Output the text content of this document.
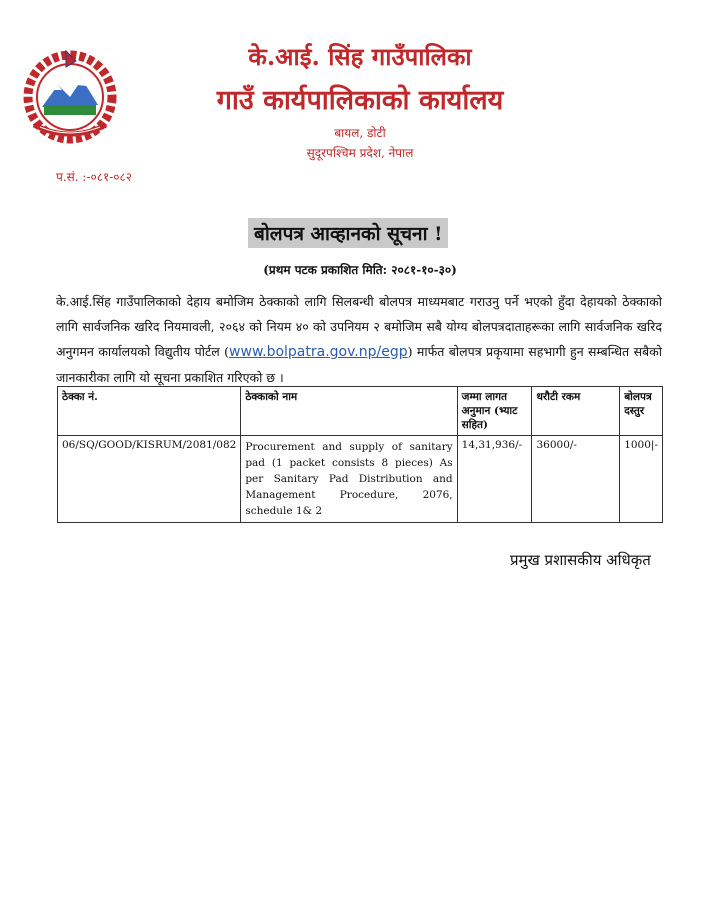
के.आई. सिंह गाउँपालिका
गाउँ कार्यपालिकाको कार्यालय
बायल, डोटी
सुदूरपश्चिम प्रदेश, नेपाल
प.सं. :-०८१-०८२
बोलपत्र आव्हानको सूचना !
(प्रथम पटक प्रकाशित मिति: २०८१-१०-३०)
के.आई.सिंह गाउँपालिकाको देहाय बमोजिम ठेक्काको लागि सिलबन्धी बोलपत्र माध्यमबाट गराउनु पर्ने भएको हुँदा देहायको ठेक्काको लागि सार्वजनिक खरिद नियमावली, २०६४ को नियम ४० को उपनियम २ बमोजिम सबै योग्य बोलपत्रदाताहरूका लागि सार्वजनिक खरिद अनुगमन कार्यालयको विद्युतीय पोर्टल (www.bolpatra.gov.np/egp) मार्फत बोलपत्र प्रकृयामा सहभागी हुन सम्बन्धित सबैको जानकारीका लागि यो सूचना प्रकाशित गरिएको छ ।
ठेक्का नं.	ठेक्काको नाम	जम्मा लागत अनुमान (भ्याट सहित)	धरौटी रकम	बोलपत्र दस्तुर
06/SQ/GOOD/KISRUM/2081/082	Procurement and supply of sanitary pad (1 packet consists 8 pieces) As per Sanitary Pad Distribution and Management Procedure, 2076, schedule 1& 2	14,31,936/-	36000/-	1000|-
प्रमुख प्रशासकीय अधिकृत
